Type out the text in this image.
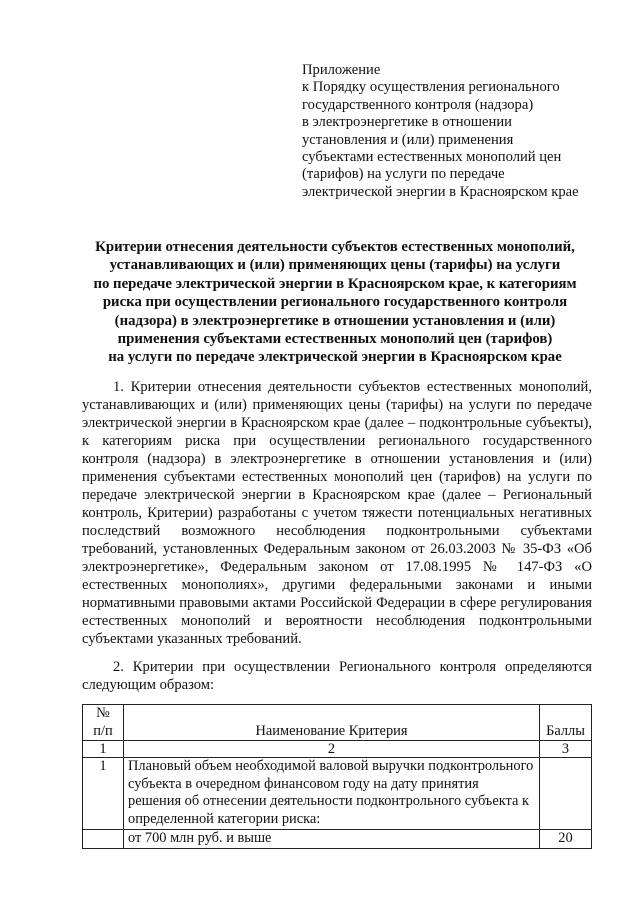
Приложение
к Порядку осуществления регионального
государственного контроля (надзора)
в электроэнергетике в отношении
установления и (или) применения
субъектами естественных монополий цен
(тарифов) на услуги по передаче
электрической энергии в Красноярском крае
Критерии отнесения деятельности субъектов естественных монополий,
устанавливающих и (или) применяющих цены (тарифы) на услуги
по передаче электрической энергии в Красноярском крае, к категориям
риска при осуществлении регионального государственного контроля
(надзора) в электроэнергетике в отношении установления и (или)
применения субъектами естественных монополий цен (тарифов)
на услуги по передаче электрической энергии в Красноярском крае
1. Критерии отнесения деятельности субъектов естественных монополий, устанавливающих и (или) применяющих цены (тарифы) на услуги по передаче электрической энергии в Красноярском крае (далее – подконтрольные субъекты), к категориям риска при осуществлении регионального государственного контроля (надзора) в электроэнергетике в отношении установления и (или) применения субъектами естественных монополий цен (тарифов) на услуги по передаче электрической энергии в Красноярском крае (далее – Региональный контроль, Критерии) разработаны с учетом тяжести потенциальных негативных последствий возможного несоблюдения подконтрольными субъектами требований, установленных Федеральным законом от 26.03.2003 № 35-ФЗ «Об электроэнергетике», Федеральным законом от 17.08.1995 № 147-ФЗ «О естественных монополиях», другими федеральными законами и иными нормативными правовыми актами Российской Федерации в сфере регулирования естественных монополий и вероятности несоблюдения подконтрольными субъектами указанных требований.
2. Критерии при осуществлении Регионального контроля определяются следующим образом:
№
п/п	Наименование Критерия	Баллы
1	2	3
1	Плановый объем необходимой валовой выручки подконтрольного субъекта в очередном финансовом году на дату принятия решения об отнесении деятельности подконтрольного субъекта к определенной категории риска:	
	от 700 млн руб. и выше	20
